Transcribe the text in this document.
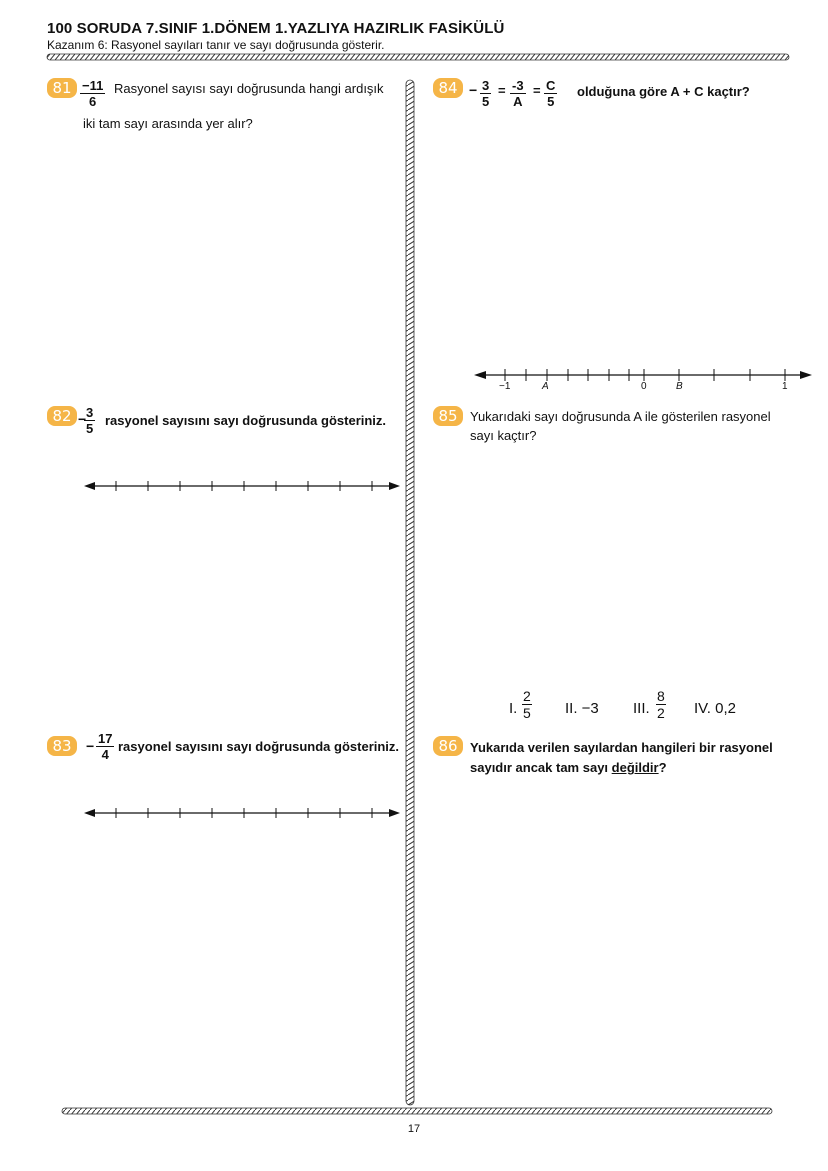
100 SORUDA 7.SINIF 1.DÖNEM 1.YAZLIYA HAZIRLIK FASİKÜLÜ
Kazanım 6: Rasyonel sayıları tanır ve sayı doğrusunda gösterir.
$81 \frac{-11}{6}$ Rasyonel sayısı sayı doğrusunda hangi ardışık
iki tam sayı arasında yer alır?
$84 - \frac{3}{5} = \frac{-3}{A} = \frac{C}{5}$ olduğuna göre A + C kaçtır?
−1	A	0	B	1
82 −
$\frac{3}{5}$ rasyonel sayısını sayı doğrusunda gösteriniz.	85 Yukarıdaki sayı doğrusunda A ile gösterilen rasyonel
sayı kaçtır?
I. $\frac{2}{5}$ II. −3 III. $\frac{8}{2}$ IV. 0,2
83	− $\frac{17}{4}$ rasyonel sayısını sayı doğrusunda gösteriniz.	86 Yukarıda verilen sayılardan hangileri bir rasyonel
sayıdır ancak tam sayı değildir?
17
